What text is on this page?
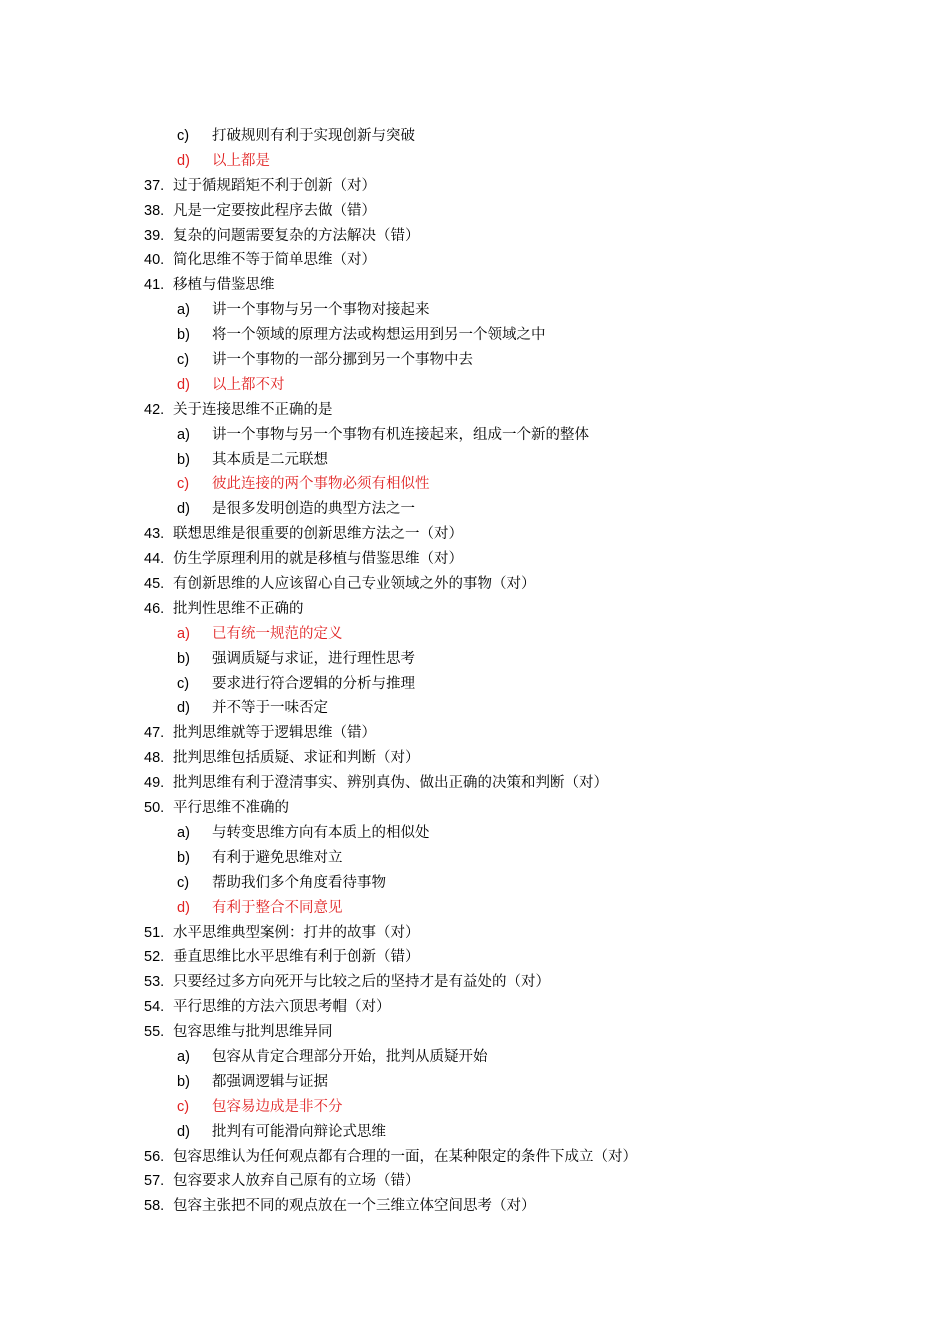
c) 打破规则有利于实现创新与突破
d) 以上都是
37. 过于循规蹈矩不利于创新（对）
38. 凡是一定要按此程序去做（错）
39. 复杂的问题需要复杂的方法解决（错）
40. 简化思维不等于简单思维（对）
41. 移植与借鉴思维
a) 讲一个事物与另一个事物对接起来
b) 将一个领域的原理方法或构想运用到另一个领域之中
c) 讲一个事物的一部分挪到另一个事物中去
d) 以上都不对
42. 关于连接思维不正确的是
a) 讲一个事物与另一个事物有机连接起来，组成一个新的整体
b) 其本质是二元联想
c) 彼此连接的两个事物必须有相似性
d) 是很多发明创造的典型方法之一
43. 联想思维是很重要的创新思维方法之一（对）
44. 仿生学原理利用的就是移植与借鉴思维（对）
45. 有创新思维的人应该留心自己专业领域之外的事物（对）
46. 批判性思维不正确的
a) 已有统一规范的定义
b) 强调质疑与求证，进行理性思考
c) 要求进行符合逻辑的分析与推理
d) 并不等于一味否定
47. 批判思维就等于逻辑思维（错）
48. 批判思维包括质疑、求证和判断（对）
49. 批判思维有利于澄清事实、辨别真伪、做出正确的决策和判断（对）
50. 平行思维不准确的
a) 与转变思维方向有本质上的相似处
b) 有利于避免思维对立
c) 帮助我们多个角度看待事物
d) 有利于整合不同意见
51. 水平思维典型案例：打井的故事（对）
52. 垂直思维比水平思维有利于创新（错）
53. 只要经过多方向死开与比较之后的坚持才是有益处的（对）
54. 平行思维的方法六顶思考帽（对）
55. 包容思维与批判思维异同
a) 包容从肯定合理部分开始，批判从质疑开始
b) 都强调逻辑与证据
c) 包容易边成是非不分
d) 批判有可能滑向辩论式思维
56. 包容思维认为任何观点都有合理的一面，在某种限定的条件下成立（对）
57. 包容要求人放弃自己原有的立场（错）
58. 包容主张把不同的观点放在一个三维立体空间思考（对）
